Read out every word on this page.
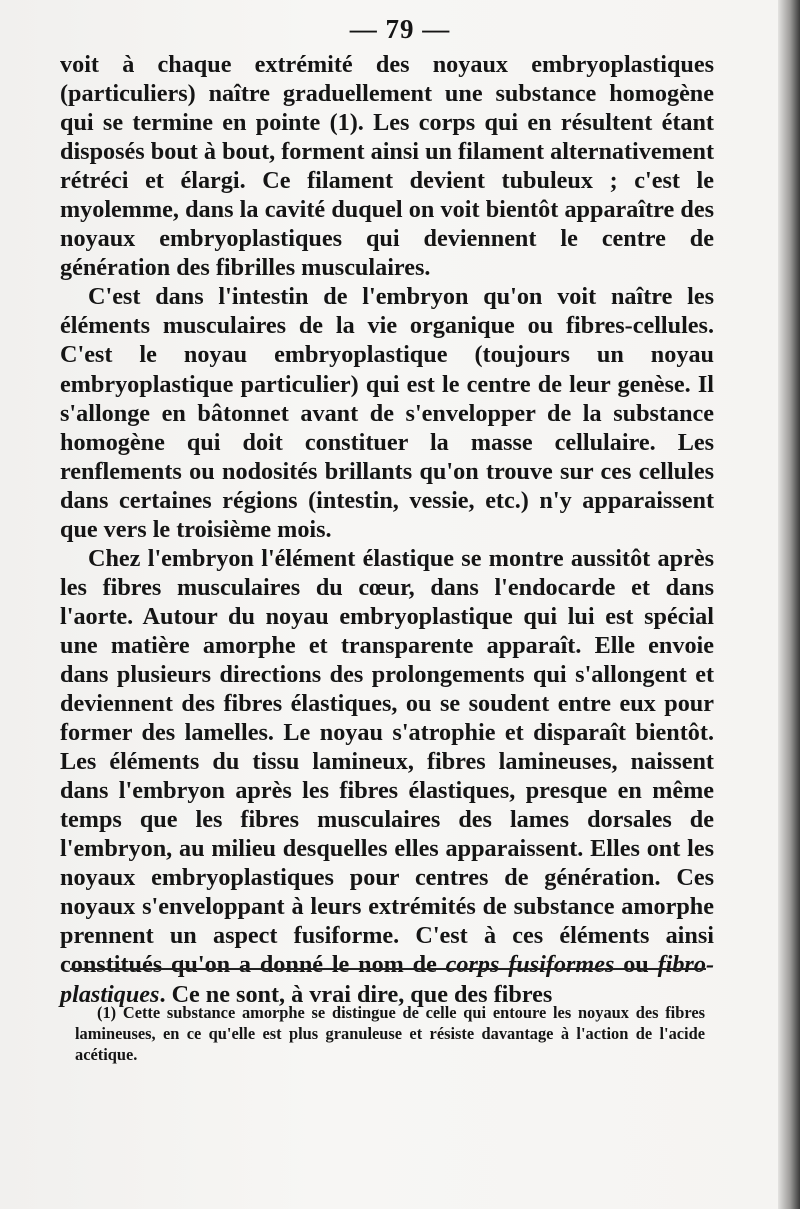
— 79 —

voit à chaque extrémité des noyaux embryoplastiques (particuliers) naître graduellement une substance homogène qui se termine en pointe (1). Les corps qui en résultent étant disposés bout à bout, forment ainsi un filament alternativement rétréci et élargi. Ce filament devient tubuleux ; c'est le myolemme, dans la cavité duquel on voit bientôt apparaître des noyaux embryoplastiques qui deviennent le centre de génération des fibrilles musculaires.

C'est dans l'intestin de l'embryon qu'on voit naître les éléments musculaires de la vie organique ou fibres-cellules. C'est le noyau embryoplastique (toujours un noyau embryoplastique particulier) qui est le centre de leur genèse. Il s'allonge en bâtonnet avant de s'envelopper de la substance homogène qui doit constituer la masse cellulaire. Les renflements ou nodosités brillants qu'on trouve sur ces cellules dans certaines régions (intestin, vessie, etc.) n'y apparaissent que vers le troisième mois.

Chez l'embryon l'élément élastique se montre aussitôt après les fibres musculaires du cœur, dans l'endocarde et dans l'aorte. Autour du noyau embryoplastique qui lui est spécial une matière amorphe et transparente apparaît. Elle envoie dans plusieurs directions des prolongements qui s'allongent et deviennent des fibres élastiques, ou se soudent entre eux pour former des lamelles. Le noyau s'atrophie et disparaît bientôt. Les éléments du tissu lamineux, fibres lamineuses, naissent dans l'embryon après les fibres élastiques, presque en même temps que les fibres musculaires des lames dorsales de l'embryon, au milieu desquelles elles apparaissent. Elles ont les noyaux embryoplastiques pour centres de génération. Ces noyaux s'enveloppant à leurs extrémités de substance amorphe prennent un aspect fusiforme. C'est à ces éléments ainsi constitués qu'on a donné le nom de corps fusiformes ou fibro-plastiques. Ce ne sont, à vrai dire, que des fibres

(1) Cette substance amorphe se distingue de celle qui entoure les noyaux des fibres lamineuses, en ce qu'elle est plus granuleuse et résiste davantage à l'action de l'acide acétique.
